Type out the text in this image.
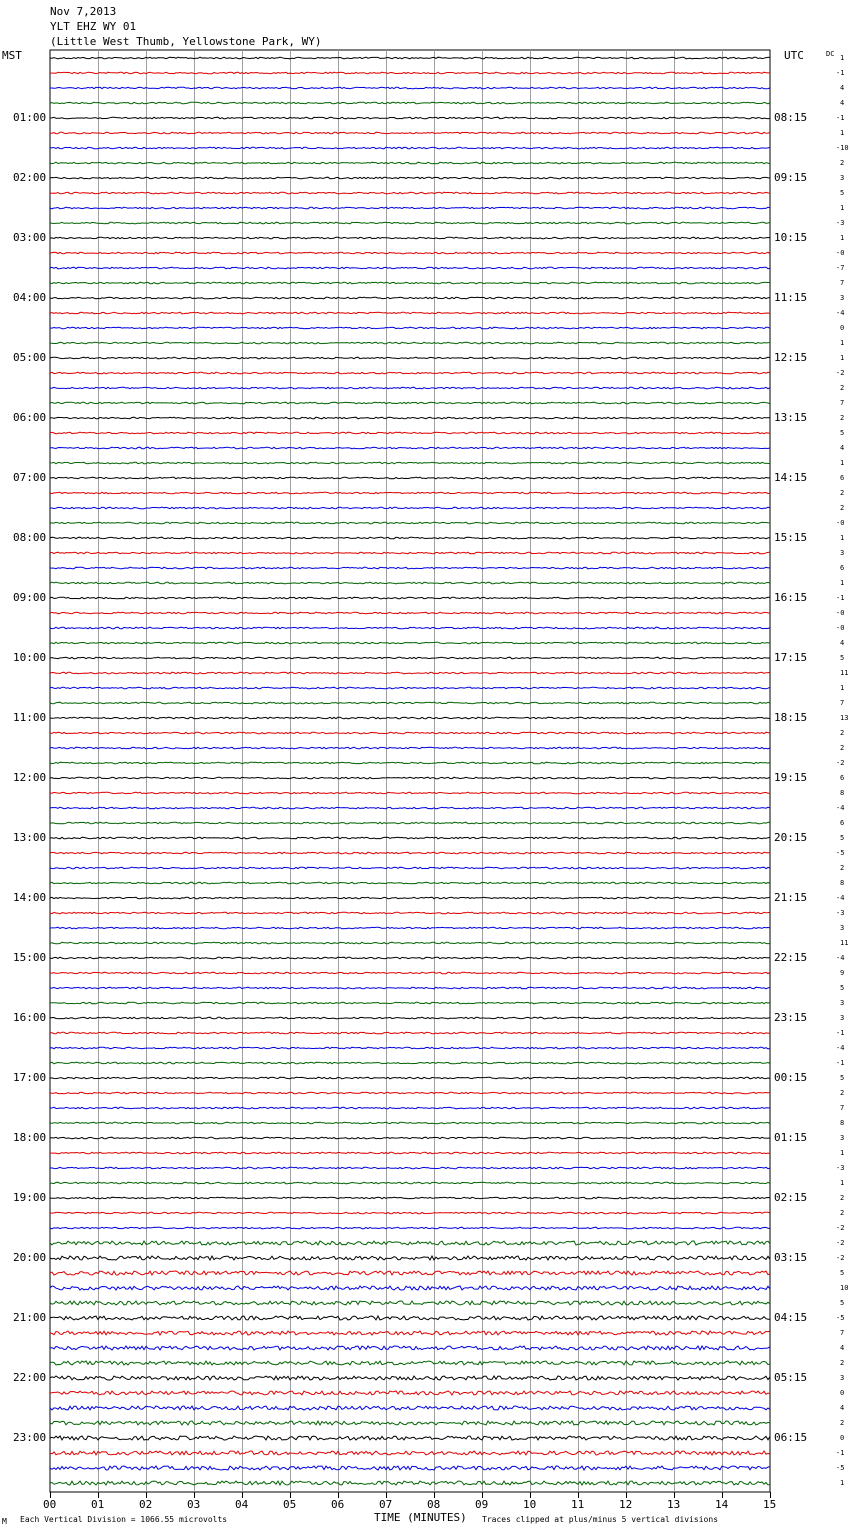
Nov 7,2013
YLT EHZ WY 01
(Little West Thumb, Yellowstone Park, WY)
MST	UTC	DC
01:00
02:00
03:00
04:00
05:00
06:00
07:00
08:00
09:00
10:00
11:00
12:00
13:00
14:00
15:00
16:00
17:00
18:00
19:00
20:00
21:00
22:00
23:00
08:15
09:15
10:15
11:15
12:15
13:15
14:15
15:15
16:15
17:15
18:15
19:15
20:15
21:15
22:15
23:15
00:15
01:15
02:15
03:15
04:15
05:15
06:15
1
-1
4
4
-1
1
-10
2
3
5
1
-3
1
-0
-7
7
3
-4
0
1
1
-2
2
7
2
5
4
1
6
2
2
-0
1
3
6
1
-1
-0
-0
4
5
11
1
7
13
2
2
-2
6
8
-4
6
5
-5
2
8
-4
-3
3
11
-4
9
5
3
3
-1
-4
-1
5
2
7
8
3
1
-3
1
2
2
-2
-2
-2
5
10
5
-5
7
4
2
3
0
4
2
0
-1
-5
1
00	01	02	03	04	05	06	07	08	09	10	11	12	13	14	15
TIME (MINUTES)
M Each Vertical Division = 1066.55 microvolts	Traces clipped at plus/minus 5 vertical divisions
